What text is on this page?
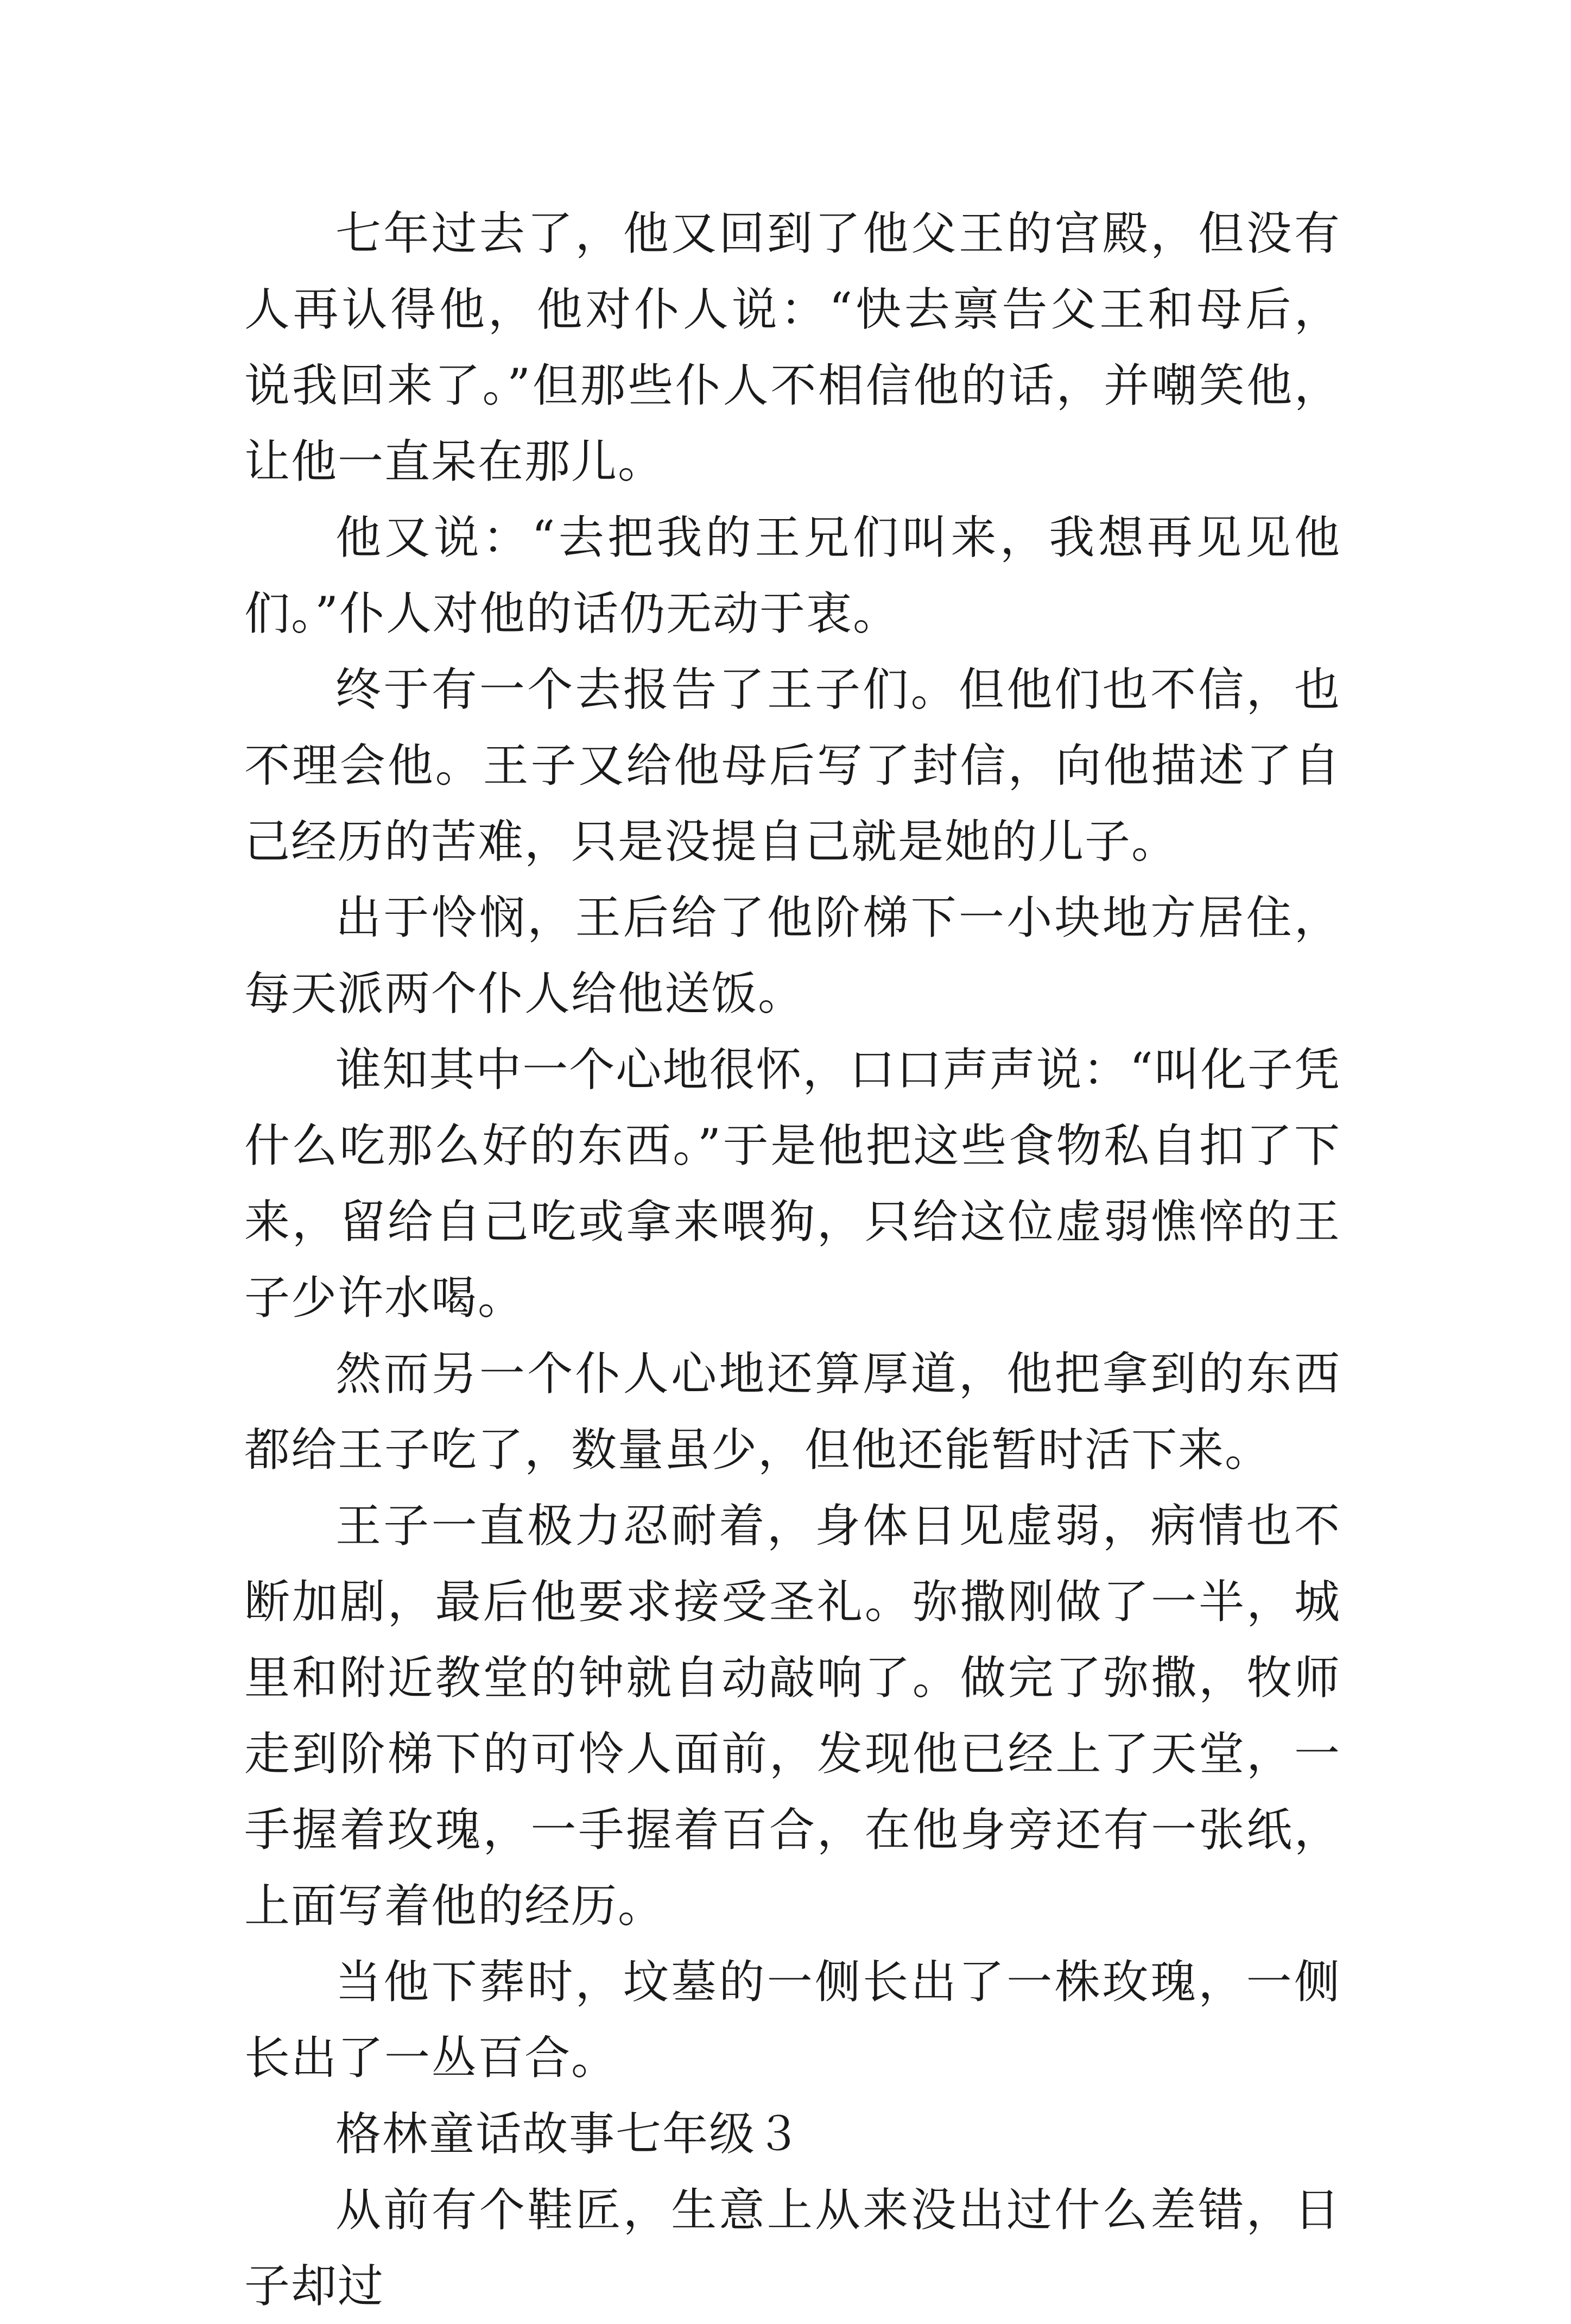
七年过去了，他又回到了他父王的宫殿，但没有人再认得他，他对仆人说：“快去禀告父王和母后，说我回来了。”但那些仆人不相信他的话，并嘲笑他，让他一直呆在那儿。

他又说：“去把我的王兄们叫来，我想再见见他们。”仆人对他的话仍无动于衷。

终于有一个去报告了王子们。但他们也不信，也不理会他。王子又给他母后写了封信，向他描述了自己经历的苦难，只是没提自己就是她的儿子。

出于怜悯，王后给了他阶梯下一小块地方居住，每天派两个仆人给他送饭。

谁知其中一个心地很怀，口口声声说：“叫化子凭什么吃那么好的东西。”于是他把这些食物私自扣了下来，留给自己吃或拿来喂狗，只给这位虚弱憔悴的王子少许水喝。

然而另一个仆人心地还算厚道，他把拿到的东西都给王子吃了，数量虽少，但他还能暂时活下来。

王子一直极力忍耐着，身体日见虚弱，病情也不断加剧，最后他要求接受圣礼。弥撒刚做了一半，城里和附近教堂的钟就自动敲响了。做完了弥撒，牧师走到阶梯下的可怜人面前，发现他已经上了天堂，一手握着玫瑰，一手握着百合，在他身旁还有一张纸，上面写着他的经历。

当他下葬时，坟墓的一侧长出了一株玫瑰，一侧长出了一丛百合。

格林童话故事七年级３

从前有个鞋匠，生意上从来没出过什么差错，日子却过
